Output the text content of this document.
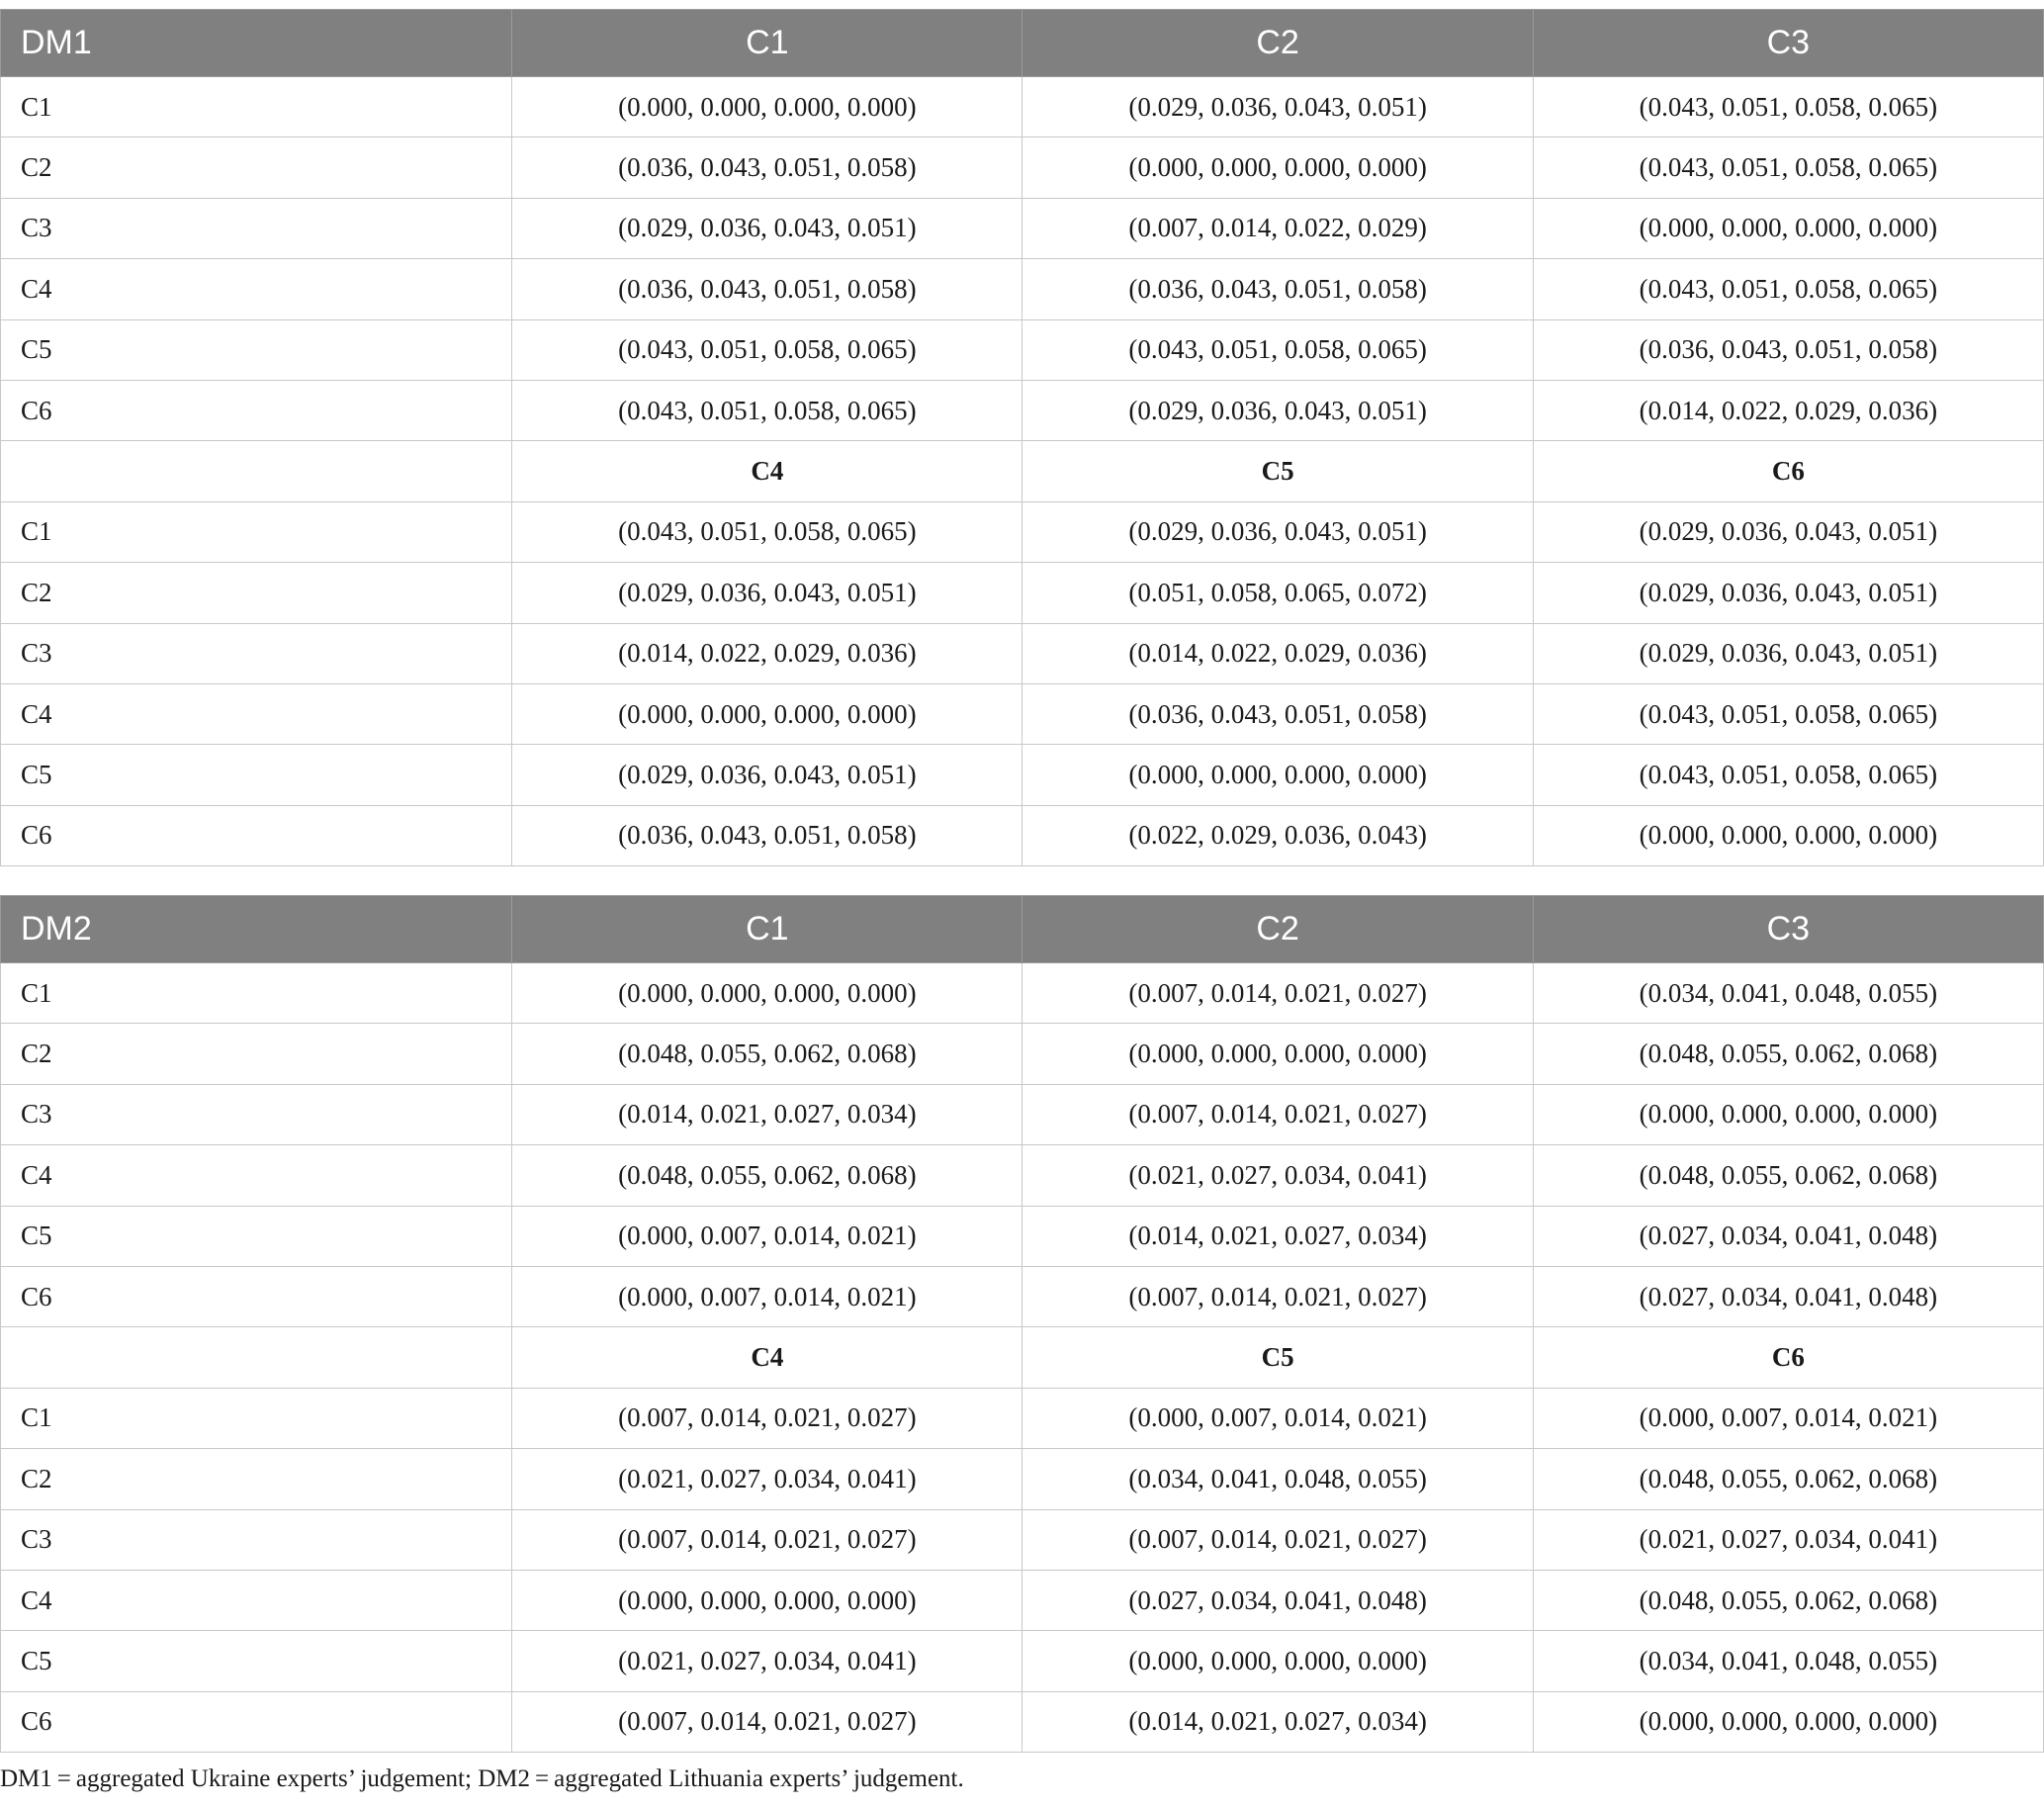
DM1	C1	C2	C3
C1	(0.000, 0.000, 0.000, 0.000)	(0.029, 0.036, 0.043, 0.051)	(0.043, 0.051, 0.058, 0.065)
C2	(0.036, 0.043, 0.051, 0.058)	(0.000, 0.000, 0.000, 0.000)	(0.043, 0.051, 0.058, 0.065)
C3	(0.029, 0.036, 0.043, 0.051)	(0.007, 0.014, 0.022, 0.029)	(0.000, 0.000, 0.000, 0.000)
C4	(0.036, 0.043, 0.051, 0.058)	(0.036, 0.043, 0.051, 0.058)	(0.043, 0.051, 0.058, 0.065)
C5	(0.043, 0.051, 0.058, 0.065)	(0.043, 0.051, 0.058, 0.065)	(0.036, 0.043, 0.051, 0.058)
C6	(0.043, 0.051, 0.058, 0.065)	(0.029, 0.036, 0.043, 0.051)	(0.014, 0.022, 0.029, 0.036)
	C4	C5	C6
C1	(0.043, 0.051, 0.058, 0.065)	(0.029, 0.036, 0.043, 0.051)	(0.029, 0.036, 0.043, 0.051)
C2	(0.029, 0.036, 0.043, 0.051)	(0.051, 0.058, 0.065, 0.072)	(0.029, 0.036, 0.043, 0.051)
C3	(0.014, 0.022, 0.029, 0.036)	(0.014, 0.022, 0.029, 0.036)	(0.029, 0.036, 0.043, 0.051)
C4	(0.000, 0.000, 0.000, 0.000)	(0.036, 0.043, 0.051, 0.058)	(0.043, 0.051, 0.058, 0.065)
C5	(0.029, 0.036, 0.043, 0.051)	(0.000, 0.000, 0.000, 0.000)	(0.043, 0.051, 0.058, 0.065)
C6	(0.036, 0.043, 0.051, 0.058)	(0.022, 0.029, 0.036, 0.043)	(0.000, 0.000, 0.000, 0.000)
DM2	C1	C2	C3
C1	(0.000, 0.000, 0.000, 0.000)	(0.007, 0.014, 0.021, 0.027)	(0.034, 0.041, 0.048, 0.055)
C2	(0.048, 0.055, 0.062, 0.068)	(0.000, 0.000, 0.000, 0.000)	(0.048, 0.055, 0.062, 0.068)
C3	(0.014, 0.021, 0.027, 0.034)	(0.007, 0.014, 0.021, 0.027)	(0.000, 0.000, 0.000, 0.000)
C4	(0.048, 0.055, 0.062, 0.068)	(0.021, 0.027, 0.034, 0.041)	(0.048, 0.055, 0.062, 0.068)
C5	(0.000, 0.007, 0.014, 0.021)	(0.014, 0.021, 0.027, 0.034)	(0.027, 0.034, 0.041, 0.048)
C6	(0.000, 0.007, 0.014, 0.021)	(0.007, 0.014, 0.021, 0.027)	(0.027, 0.034, 0.041, 0.048)
	C4	C5	C6
C1	(0.007, 0.014, 0.021, 0.027)	(0.000, 0.007, 0.014, 0.021)	(0.000, 0.007, 0.014, 0.021)
C2	(0.021, 0.027, 0.034, 0.041)	(0.034, 0.041, 0.048, 0.055)	(0.048, 0.055, 0.062, 0.068)
C3	(0.007, 0.014, 0.021, 0.027)	(0.007, 0.014, 0.021, 0.027)	(0.021, 0.027, 0.034, 0.041)
C4	(0.000, 0.000, 0.000, 0.000)	(0.027, 0.034, 0.041, 0.048)	(0.048, 0.055, 0.062, 0.068)
C5	(0.021, 0.027, 0.034, 0.041)	(0.000, 0.000, 0.000, 0.000)	(0.034, 0.041, 0.048, 0.055)
C6	(0.007, 0.014, 0.021, 0.027)	(0.014, 0.021, 0.027, 0.034)	(0.000, 0.000, 0.000, 0.000)
DM1 = aggregated Ukraine experts’ judgement; DM2 = aggregated Lithuania experts’ judgement.
